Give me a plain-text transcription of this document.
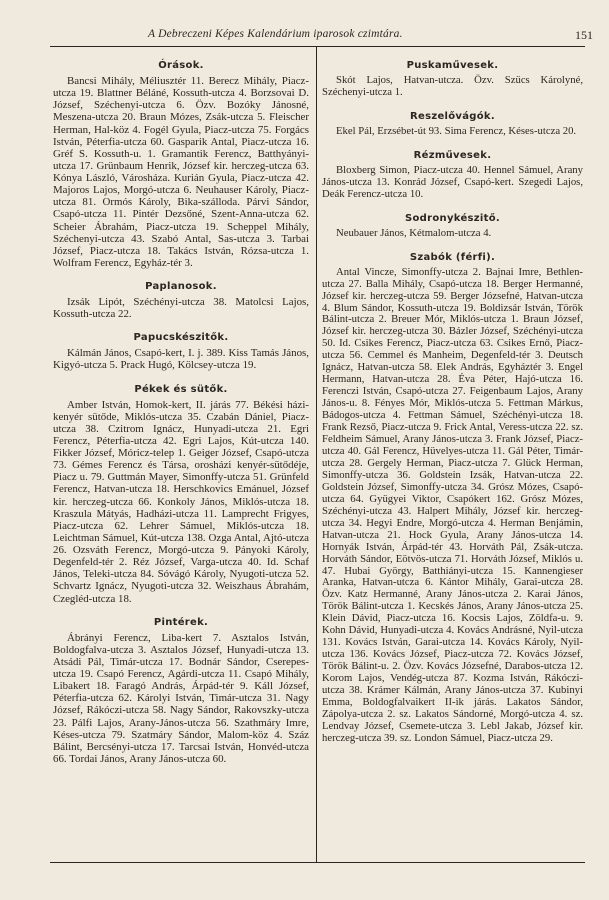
A Debreczeni Képes Kalendárium iparosok czimtára.	151
Órások.

Bancsi Mihály, Méliusztér 11. Berecz Mihály, Piacz-utcza 19. Blattner Béláné, Kossuth-utcza 4. Borzsovai D. József, Széchenyi-utcza 6. Özv. Bozóky Jánosné, Meszena-utcza 20. Braun Mózes, Zsák-utcza 5. Fleischer Herman, Hal-köz 4. Fogél Gyula, Piacz-utcza 75. Forgács István, Péterfia-utcza 60. Gasparik Antal, Piacz-utcza 16. Gréf S. Kossuth-u. 1. Gramantik Ferencz, Batthyányi-utcza 17. Grünbaum Henrik, József kir. herczeg-utcza 63. Kónya László, Városháza. Kurián Gyula, Piacz-utcza 42. Majoros Lajos, Morgó-utcza 6. Neuhauser Károly, Piacz-utcza 81. Ormós Károly, Bika-szálloda. Párvi Sándor, Csapó-utcza 11. Pintér Dezsőné, Szent-Anna-utcza 62. Scheier Ábrahám, Piacz-utcza 19. Scheppel Mihály, Széchenyi-utcza 43. Szabó Antal, Sas-utcza 3. Tarbai József, Piacz-utcza 18. Takács István, Rózsa-utcza 1. Wolfram Ferencz, Egyház-tér 3.

Paplanosok.

Izsák Lipót, Széchényi-utcza 38. Matolcsi Lajos, Kossuth-utcza 22.

Papucskészitők.

Kálmán János, Csapó-kert, I. j. 389. Kiss Tamás János, Kigyó-utcza 5. Prack Hugó, Kölcsey-utcza 19.

Pékek és sütők.

Amber István, Homok-kert, II. járás 77. Békési házi-kenyér sütőde, Miklós-utcza 35. Czabán Dániel, Piacz-utcza 38. Czitrom Ignácz, Hunyadi-utcza 21. Egri Ferencz, Péterfia-utcza 42. Egri Lajos, Kút-utcza 140. Fikker József, Móricz-telep 1. Geiger József, Csapó-utcza 73. Gémes Ferencz és Társa, orosházi kenyér-sütődéje, Piacz u. 79. Guttmán Mayer, Simonffy-utcza 51. Grünfeld Ferencz, Hatvan-utcza 18. Herschkovics Emánuel, József kir. herczeg-utcza 66. Konkoly János, Miklós-utcza 18. Kraszula Mátyás, Hadházi-utcza 11. Lamprecht Frigyes, Piacz-utcza 62. Lehrer Sámuel, Miklós-utcza 18. Leichtman Sámuel, Kút-utcza 138. Ozga Antal, Ajtó-utcza 26. Ozsváth Ferencz, Morgó-utcza 9. Pányoki Károly, Degenfeld-tér 2. Réz József, Varga-utcza 40. Id. Schaf János, Teleki-utcza 84. Sóvágó Károly, Nyugoti-utcza 52. Schvartz Ignácz, Nyugoti-utcza 32. Weiszhaus Ábrahám, Czegléd-utcza 18.

Pintérek.

Ábrányi Ferencz, Liba-kert 7. Asztalos István, Boldogfalva-utcza 3. Asztalos József, Hunyadi-utcza 13. Atsádi Pál, Timár-utcza 17. Bodnár Sándor, Cserepes-utcza 19. Csapó Ferencz, Agárdi-utcza 11. Csapó Mihály, Libakert 18. Faragó András, Árpád-tér 9. Káll József, Péterfia-utcza 62. Károlyi István, Timár-utcza 31. Nagy József, Rákóczi-utcza 58. Nagy Sándor, Rakovszky-utcza 23. Pálfi Lajos, Arany-János-utcza 56. Szathmáry Imre, Késes-utcza 79. Szatmáry Sándor, Malom-köz 4. Száz Bálint, Bercsényi-utcza 17. Tarcsai István, Honvéd-utcza 66. Tordai János, Arany János-utcza 60.

Puskaművesek.

Skót Lajos, Hatvan-utcza. Özv. Szücs Károlyné, Széchenyi-utcza 1.

Reszelővágók.

Ekel Pál, Erzsébet-út 93. Sima Ferencz, Késes-utcza 20.

Rézművesek.

Bloxberg Simon, Piacz-utcza 40. Hennel Sámuel, Arany János-utcza 13. Konrád József, Csapó-kert. Szegedi Lajos, Deák Ferencz-utcza 10.

Sodronykészitő.

Neubauer János, Kétmalom-utcza 4.

Szabók (férfi).

Antal Vincze, Simonffy-utcza 2. Bajnai Imre, Bethlen-utcza 27. Balla Mihály, Csapó-utcza 18. Berger Hermanné, József kir. herczeg-utcza 59. Berger Józsefné, Hatvan-utcza 4. Blum Sándor, Kossuth-utcza 19. Boldizsár István, Török Bálint-utcza 2. Breuer Mór, Miklós-utcza 1. Braun József, József kir. herczeg-utcza 30. Bázler József, Széchényi-utcza 50. Id. Csikes Ferencz, Piacz-utcza 63. Csikes Ernő, Piacz-utcza 56. Cemmel és Manheim, Degenfeld-tér 3. Deutsch Ignácz, Hatvan-utcza 58. Elek András, Egyháztér 3. Engel Hermann, Hatvan-utcza 28. Éva Péter, Hajó-utcza 16. Ferenczi István, Csapó-utcza 27. Feigenbaum Lajos, Arany János-u. 8. Fényes Mór, Miklós-utcza 5. Fettman Márkus, Bádogos-utcza 4. Fettman Sámuel, Széchényi-utcza 18. Frank Rezső, Piacz-utcza 9. Frick Antal, Veress-utcza 22. sz. Feldheim Sámuel, Arany János-utcza 3. Frank József, Piacz-utcza 40. Gál Ferencz, Hüvelyes-utcza 11. Gál Péter, Timár-utcza 28. Gergely Herman, Piacz-utcza 7. Glück Herman, Simonffy-utcza 36. Goldstein Izsák, Hatvan-utcza 22. Goldstein József, Simonffy-utcza 34. Grósz Mózes, Csapó-utcza 64. Gyügyei Viktor, Csapókert 162. Grósz Mózes, Széchényi-utcza 43. Halpert Mihály, József kir. herczeg-utcza 34. Hegyi Endre, Morgó-utcza 4. Herman Benjámin, Hatvan-utcza 21. Hock Gyula, Arany János-utcza 14. Hornyák István, Árpád-tér 43. Horváth Pál, Zsák-utcza. Horváth Sándor, Eötvös-utcza 71. Horváth József, Miklós u. 47. Hubai György, Batthiányi-utcza 15. Kannengieser Aranka, Hatvan-utcza 6. Kántor Mihály, Garai-utcza 28. Özv. Katz Hermanné, Arany János-utcza 2. Karai János, Török Bálint-utcza 1. Kecskés János, Arany János-utcza 25. Klein Dávid, Piacz-utcza 16. Kocsis Lajos, Zöldfa-u. 9. Kohn Dávid, Hunyadi-utcza 4. Kovács Andrásné, Nyil-utcza 131. Kovács István, Garai-utcza 14. Kovács Károly, Nyil-utcza 136. Kovács József, Piacz-utcza 72. Kovács József, Török Bálint-u. 2. Özv. Kovács Józsefné, Darabos-utcza 12. Korom Lajos, Vendég-utcza 87. Kozma István, Rákóczi-utcza 38. Krámer Kálmán, Arany János-utcza 37. Kubinyi Emma, Boldogfalvaikert II-ik járás. Lakatos Sándor, Zápolya-utcza 2. sz. Lakatos Sándorné, Morgó-utcza 4. sz. Lendvay József, Csemete-utcza 3. Lebl Jakab, József kir. herczeg-utcza 39. sz. London Sámuel, Piacz-utcza 29.
